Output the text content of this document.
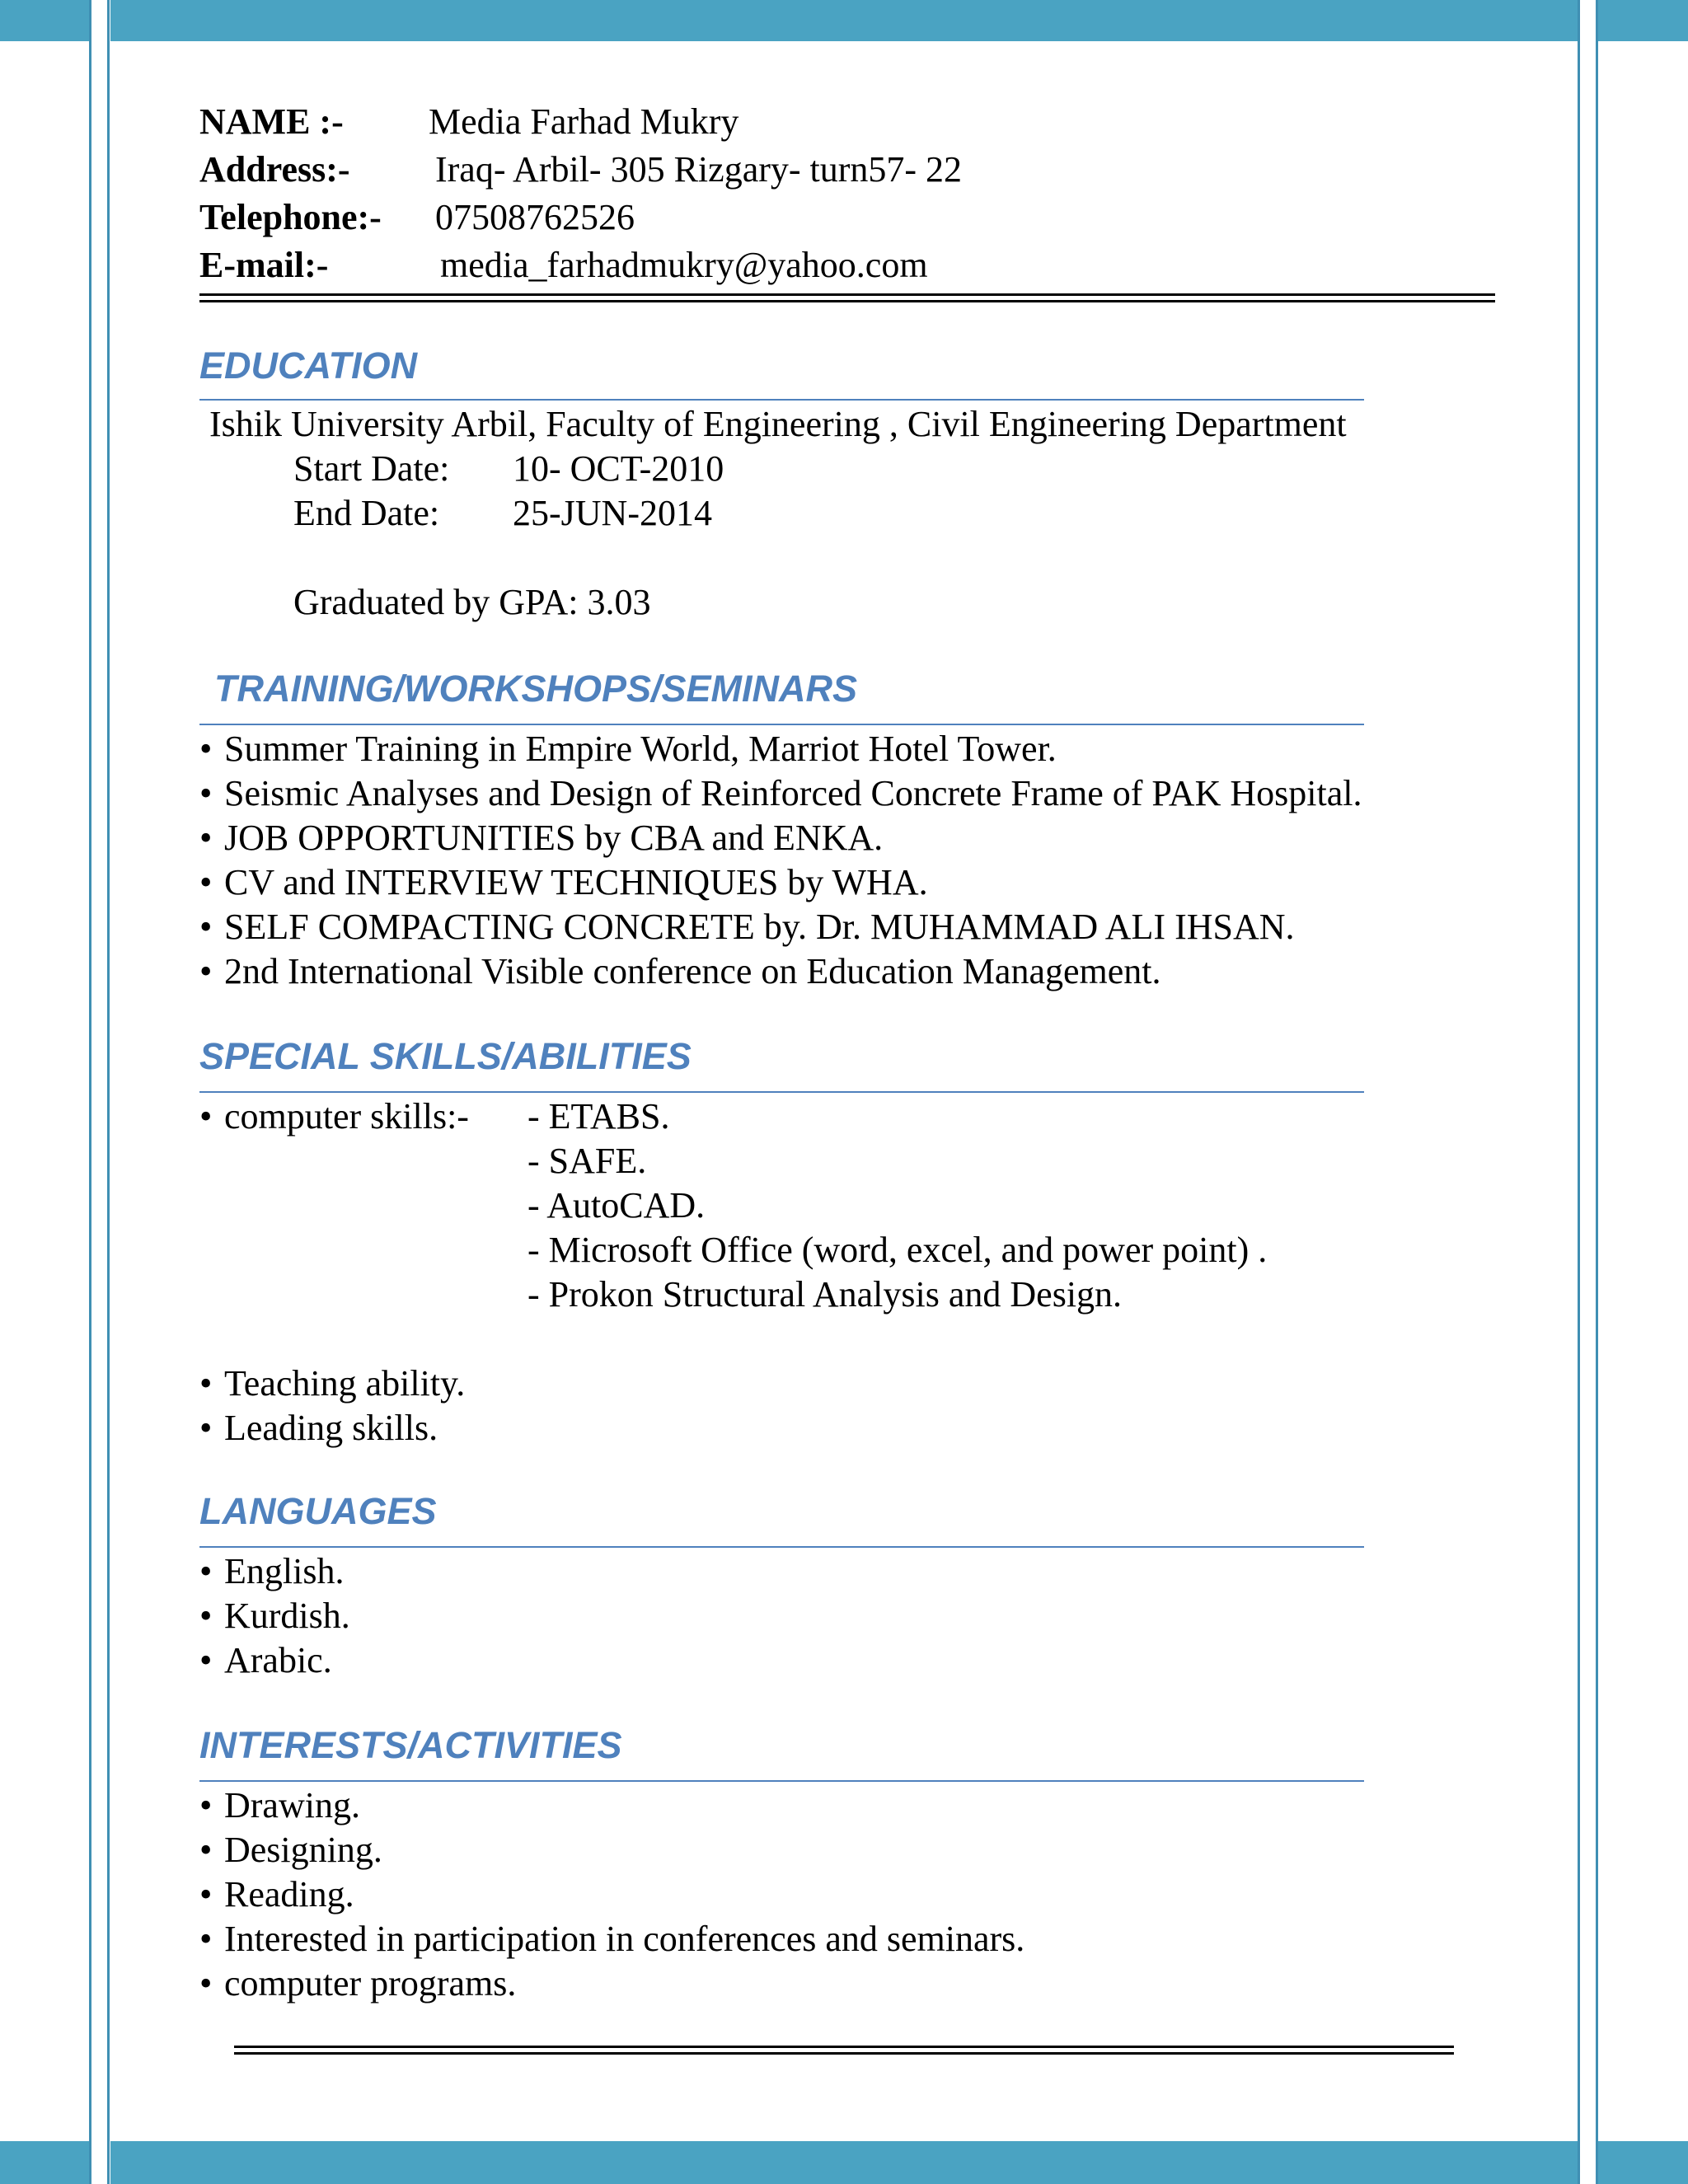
NAME :- Media Farhad Mukry
Address:- Iraq- Arbil- 305 Rizgary- turn57- 22
Telephone:- 07508762526
E-mail:-	media_farhadmukry@yahoo.com
EDUCATION
Ishik University Arbil, Faculty of Engineering , Civil Engineering Department
Start Date: 10- OCT-2010
End Date: 25-JUN-2014
Graduated by GPA: 3.03
TRAINING/WORKSHOPS/SEMINARS
• Summer Training in Empire World, Marriot Hotel Tower.
• Seismic Analyses and Design of Reinforced Concrete Frame of PAK Hospital.
• JOB OPPORTUNITIES by CBA and ENKA.
• CV and INTERVIEW TECHNIQUES by WHA.
• SELF COMPACTING CONCRETE by. Dr. MUHAMMAD ALI IHSAN.
• 2nd International Visible conference on Education Management.
SPECIAL SKILLS/ABILITIES
• computer skills:- - ETABS.
- SAFE.
- AutoCAD.
- Microsoft Office (word, excel, and power point) .
- Prokon Structural Analysis and Design.
• Teaching ability.
• Leading skills.
LANGUAGES
• English.
• Kurdish.
• Arabic.
INTERESTS/ACTIVITIES
• Drawing.
• Designing.
• Reading.
• Interested in participation in conferences and seminars.
• computer programs.
